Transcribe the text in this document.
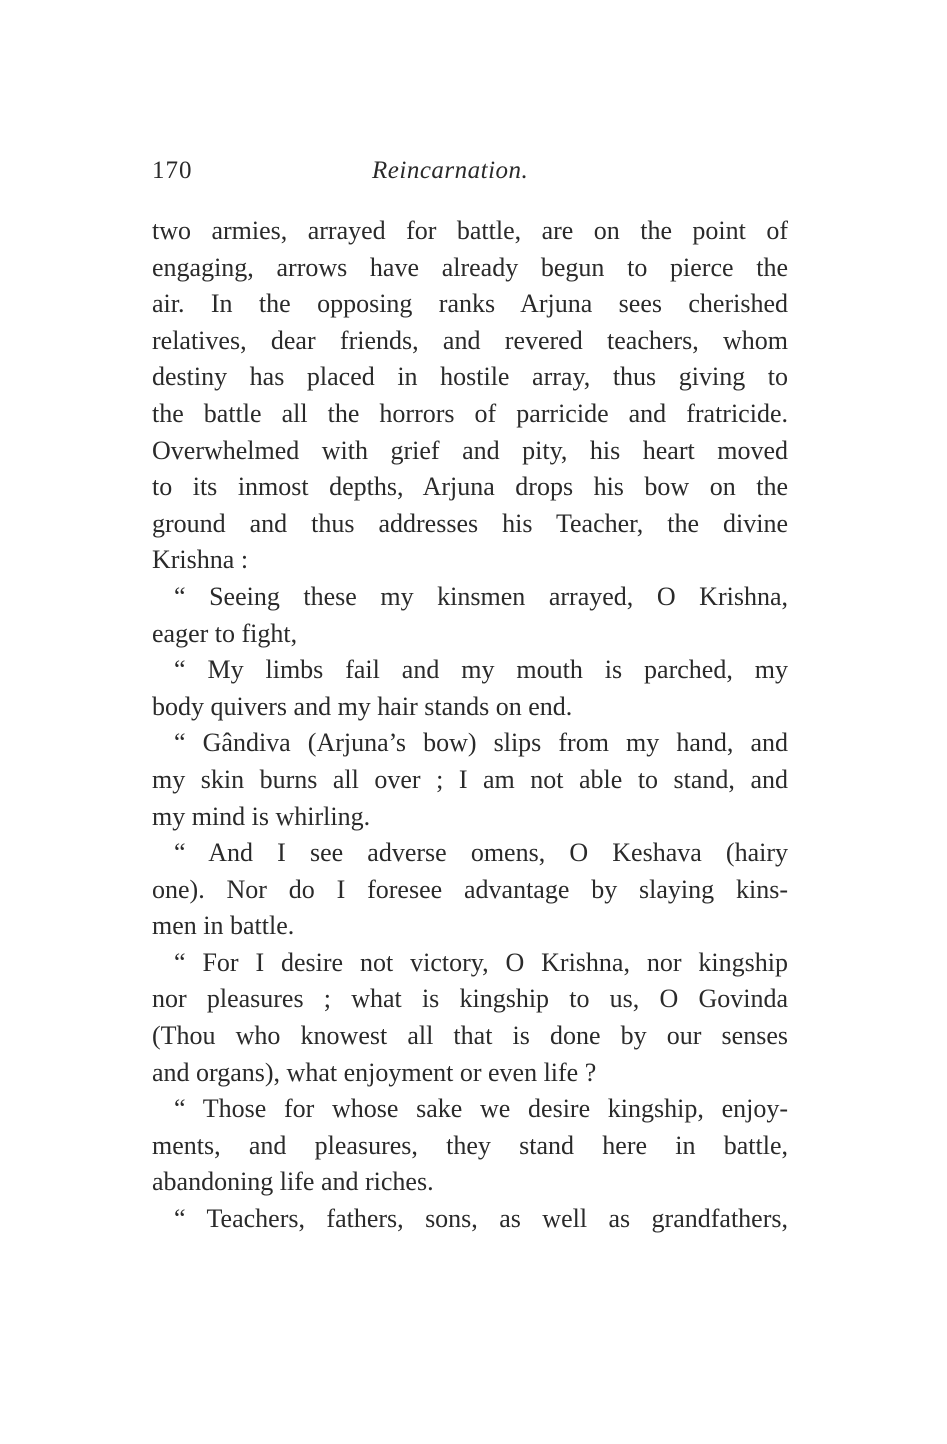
170	Reincarnation.
two armies, arrayed for battle, are on the point of
engaging, arrows have already begun to pierce the
air. In the opposing ranks Arjuna sees cherished
relatives, dear friends, and revered teachers, whom
destiny has placed in hostile array, thus giving to
the battle all the horrors of parricide and fratricide.
Overwhelmed with grief and pity, his heart moved
to its inmost depths, Arjuna drops his bow on the
ground and thus addresses his Teacher, the divine
Krishna :
“ Seeing these my kinsmen arrayed, O Krishna,
eager to fight,
“ My limbs fail and my mouth is parched, my
body quivers and my hair stands on end.
“ Gândiva (Arjuna’s bow) slips from my hand, and
my skin burns all over ; I am not able to stand, and
my mind is whirling.
“ And I see adverse omens, O Keshava (hairy
one). Nor do I foresee advantage by slaying kins-
men in battle.
“ For I desire not victory, O Krishna, nor kingship
nor pleasures ; what is kingship to us, O Govinda
(Thou who knowest all that is done by our senses
and organs), what enjoyment or even life ?
“ Those for whose sake we desire kingship, enjoy-
ments, and pleasures, they stand here in battle,
abandoning life and riches.
“ Teachers, fathers, sons, as well as grandfathers,
